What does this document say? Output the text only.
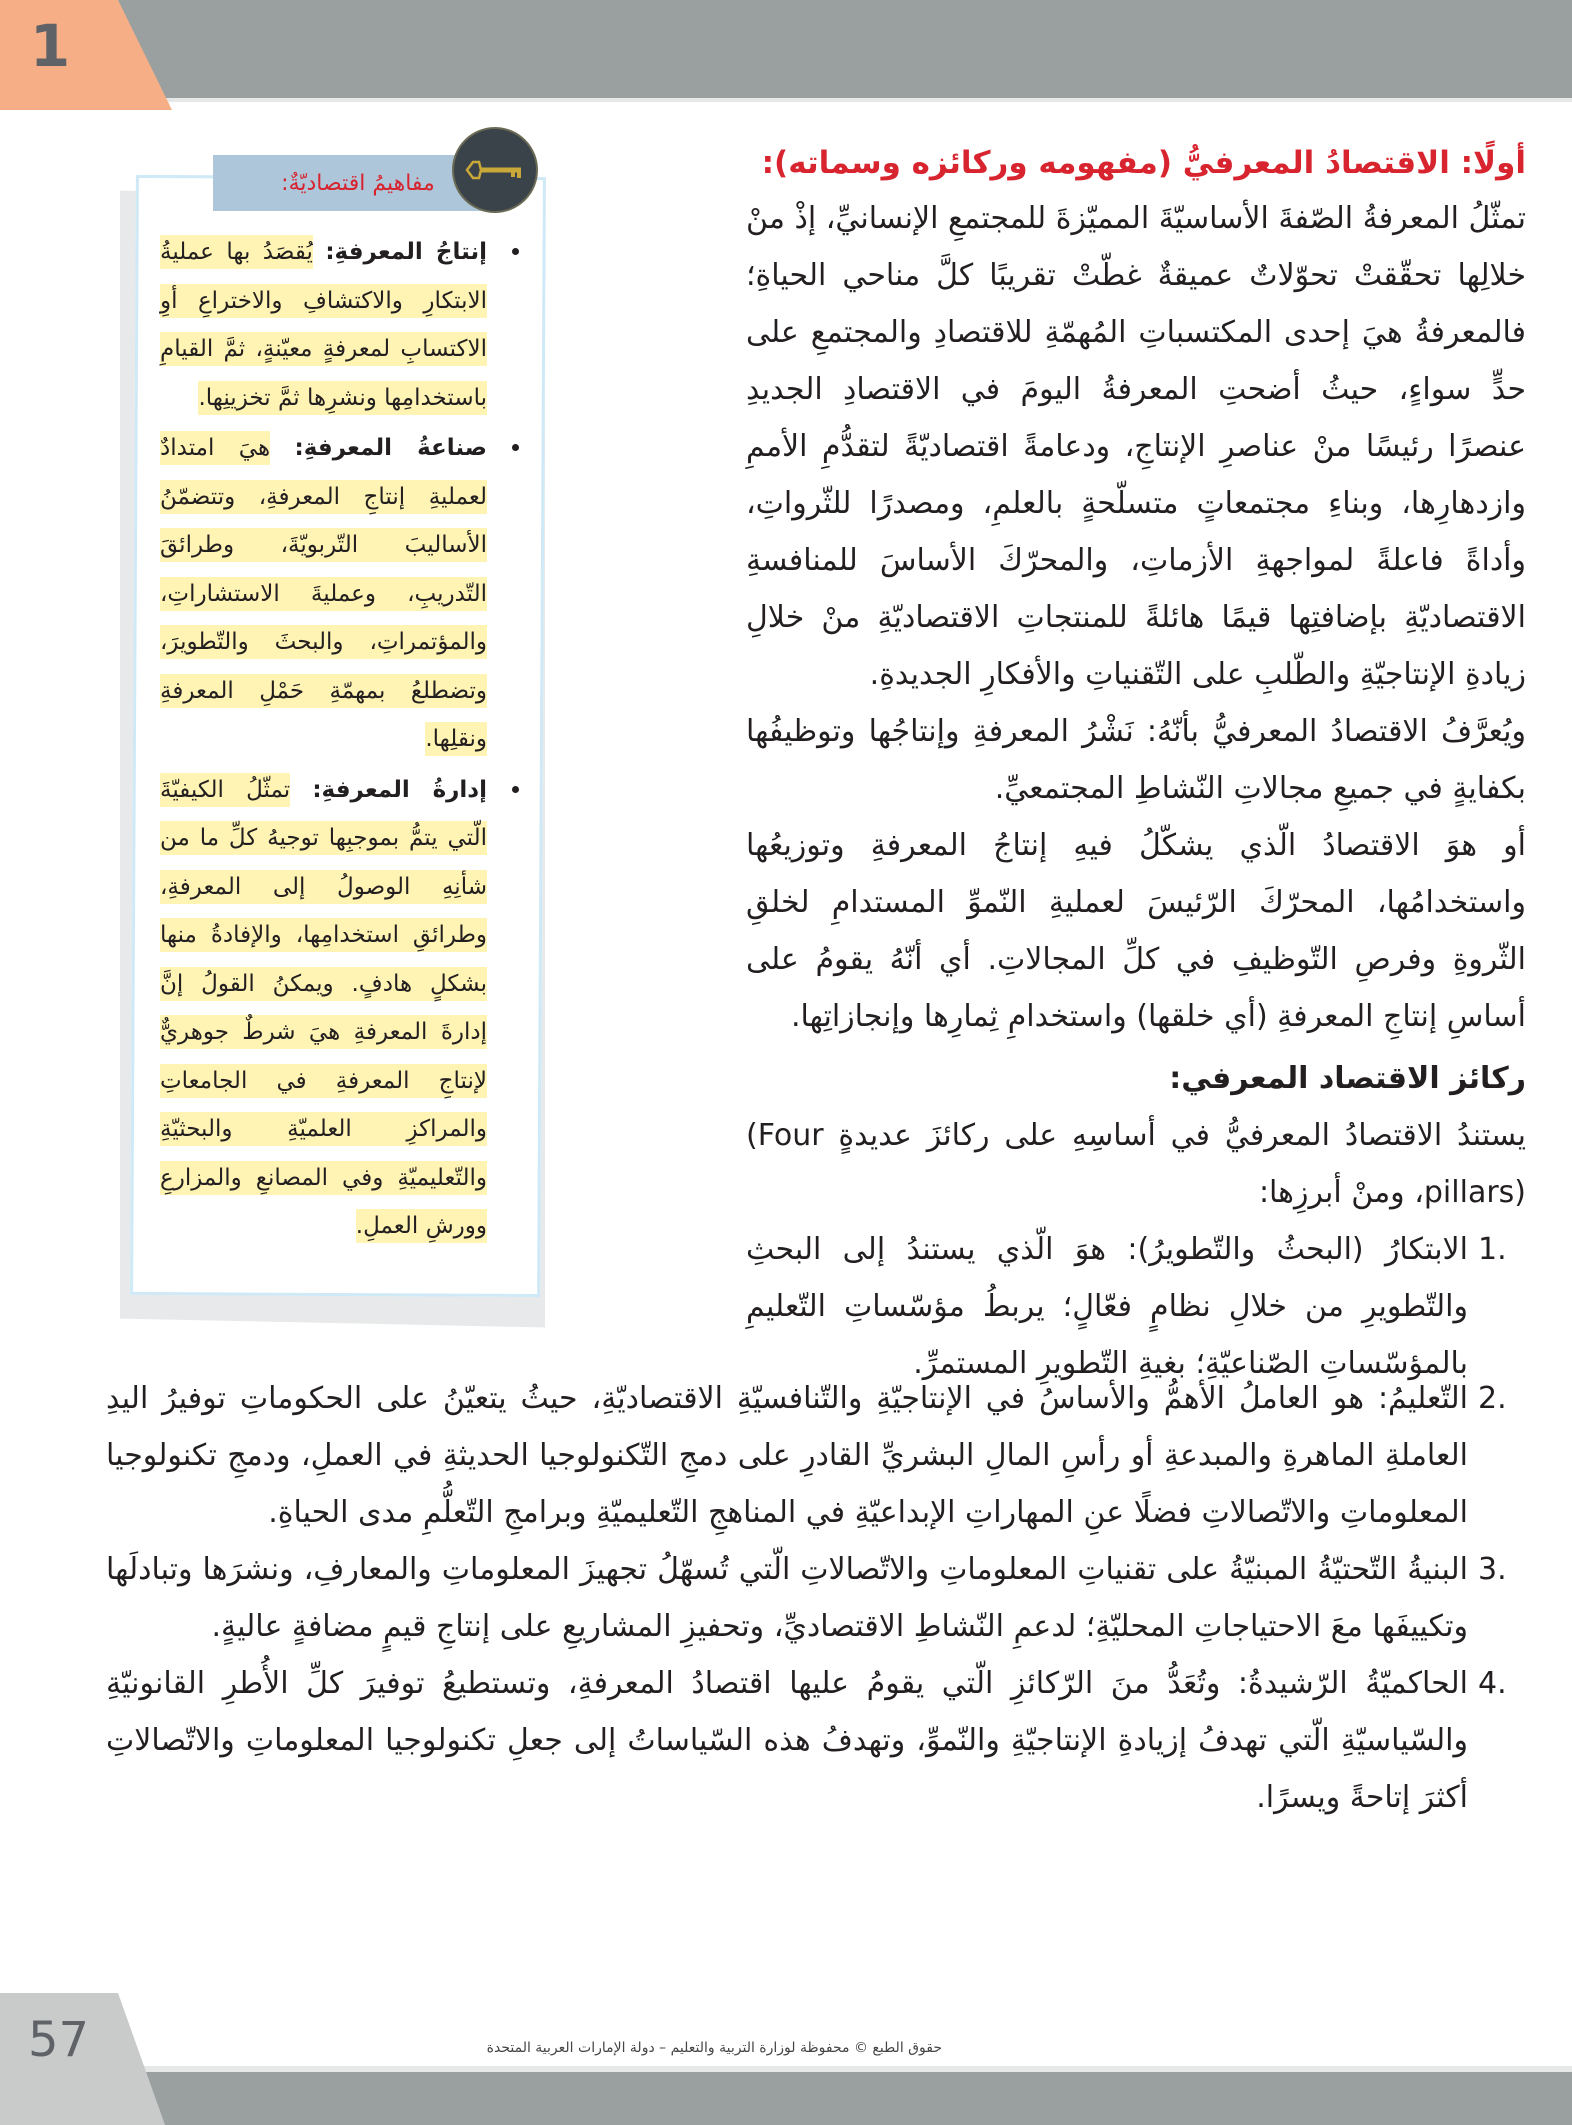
1
مفاهيمُ اقتصاديّةٌ:
إنتاجُ المعرفةِ: يُقصَدُ بها عمليةُ الابتكارِ والاكتشافِ والاختراعِ أوِ الاكتسابِ لمعرفةٍ معيّنةٍ، ثمَّ القيامِ باستخدامِها ونشرِها ثمَّ تخزينِها.
صناعةُ المعرفةِ: هيَ امتدادٌ لعمليةِ إنتاجِ المعرفةِ، وتتضمّنُ الأساليبَ التّربويّةَ، وطرائقَ التّدريبِ، وعمليةَ الاستشاراتِ، والمؤتمراتِ، والبحثَ والتّطويرَ، وتضطلعُ بمهمّةِ حَمْلِ المعرفةِ ونقلِها.
إدارةُ المعرفةِ: تمثّلُ الكيفيّةَ الّتي يتمُّ بموجبِها توجيهُ كلِّ ما من شأنِهِ الوصولُ إلى المعرفةِ، وطرائقِ استخدامِها، والإفادةُ منها بشكلٍ هادفٍ. ويمكنُ القولُ إنَّ إدارةَ المعرفةِ هيَ شرطٌ جوهريٌّ لإنتاجِ المعرفةِ في الجامعاتِ والمراكزِ العلميّةِ والبحثيّةِ والتّعليميّةِ وفي المصانعِ والمزارعِ وورشِ العملِ.
أولًا: الاقتصادُ المعرفيُّ (مفهومه وركائزه وسماته):

تمثّلُ المعرفةُ الصّفةَ الأساسيّةَ المميّزةَ للمجتمعِ الإنسانيِّ، إذْ منْ خلالِها تحقّقتْ تحوّلاتٌ عميقةٌ غطّتْ تقريبًا كلَّ مناحي الحياةِ؛ فالمعرفةُ هيَ إحدى المكتسباتِ المُهمّةِ للاقتصادِ والمجتمعِ على حدٍّ سواءٍ، حيثُ أضحتِ المعرفةُ اليومَ في الاقتصادِ الجديدِ عنصرًا رئيسًا منْ عناصرِ الإنتاجِ، ودعامةً اقتصاديّةً لتقدُّمِ الأممِ وازدهارِها، وبناءِ مجتمعاتٍ متسلّحةٍ بالعلمِ، ومصدرًا للثّرواتِ، وأداةً فاعلةً لمواجهةِ الأزماتِ، والمحرّكَ الأساسَ للمنافسةِ الاقتصاديّةِ بإضافتِها قيمًا هائلةً للمنتجاتِ الاقتصاديّةِ منْ خلالِ زيادةِ الإنتاجيّةِ والطّلبِ على التّقنياتِ والأفكارِ الجديدةِ.

ويُعرَّفُ الاقتصادُ المعرفيُّ بأنّهُ: نَشْرُ المعرفةِ وإنتاجُها وتوظيفُها بكفايةٍ في جميعِ مجالاتِ النّشاطِ المجتمعيِّ.

أو هوَ الاقتصادُ الّذي يشكّلُ فيهِ إنتاجُ المعرفةِ وتوزيعُها واستخدامُها، المحرّكَ الرّئيسَ لعمليةِ النّموِّ المستدامِ لخلقِ الثّروةِ وفرصِ التّوظيفِ في كلِّ المجالاتِ. أي أنّهُ يقومُ على أساسِ إنتاجِ المعرفةِ (أي خلقها) واستخدامِ ثِمارِها وإنجازاتِها.

ركائز الاقتصاد المعرفي:

يستندُ الاقتصادُ المعرفيُّ في أساسِهِ على ركائزَ عديدةٍ (Four pillars)، ومنْ أبرزِها:

1.
الابتكارُ (البحثُ والتّطويرُ): هوَ الّذي يستندُ إلى البحثِ والتّطويرِ من خلالِ نظامٍ فعّالٍ؛ يربطُ مؤسّساتِ التّعليمِ بالمؤسّساتِ الصّناعيّةِ؛ بغيةِ التّطويرِ المستمرِّ.
2.
التّعليمُ: هو العاملُ الأهمُّ والأساسُ في الإنتاجيّةِ والتّنافسيّةِ الاقتصاديّةِ، حيثُ يتعيّنُ على الحكوماتِ توفيرُ اليدِ العاملةِ الماهرةِ والمبدعةِ أو رأسِ المالِ البشريِّ القادرِ على دمجِ التّكنولوجيا الحديثةِ في العملِ، ودمجِ تكنولوجيا المعلوماتِ والاتّصالاتِ فضلًا عنِ المهاراتِ الإبداعيّةِ في المناهجِ التّعليميّةِ وبرامجِ التّعلُّمِ مدى الحياةِ.
3.
البنيةُ التّحتيّةُ المبنيّةُ على تقنياتِ المعلوماتِ والاتّصالاتِ الّتي تُسهّلُ تجهيزَ المعلوماتِ والمعارفِ، ونشرَها وتبادلَها وتكييفَها معَ الاحتياجاتِ المحليّةِ؛ لدعمِ النّشاطِ الاقتصاديِّ، وتحفيزِ المشاريعِ على إنتاجِ قيمٍ مضافةٍ عاليةٍ.
4.
الحاكميّةُ الرّشيدةُ: وتُعَدُّ منَ الرّكائزِ الّتي يقومُ عليها اقتصادُ المعرفةِ، وتستطيعُ توفيرَ كلِّ الأُطرِ القانونيّةِ والسّياسيّةِ الّتي تهدفُ إزيادةِ الإنتاجيّةِ والنّموِّ، وتهدفُ هذه السّياساتُ إلى جعلِ تكنولوجيا المعلوماتِ والاتّصالاتِ أكثرَ إتاحةً ويسرًا.
حقوق الطبع © محفوظة لوزارة التربية والتعليم – دولة الإمارات العربية المتحدة
57
